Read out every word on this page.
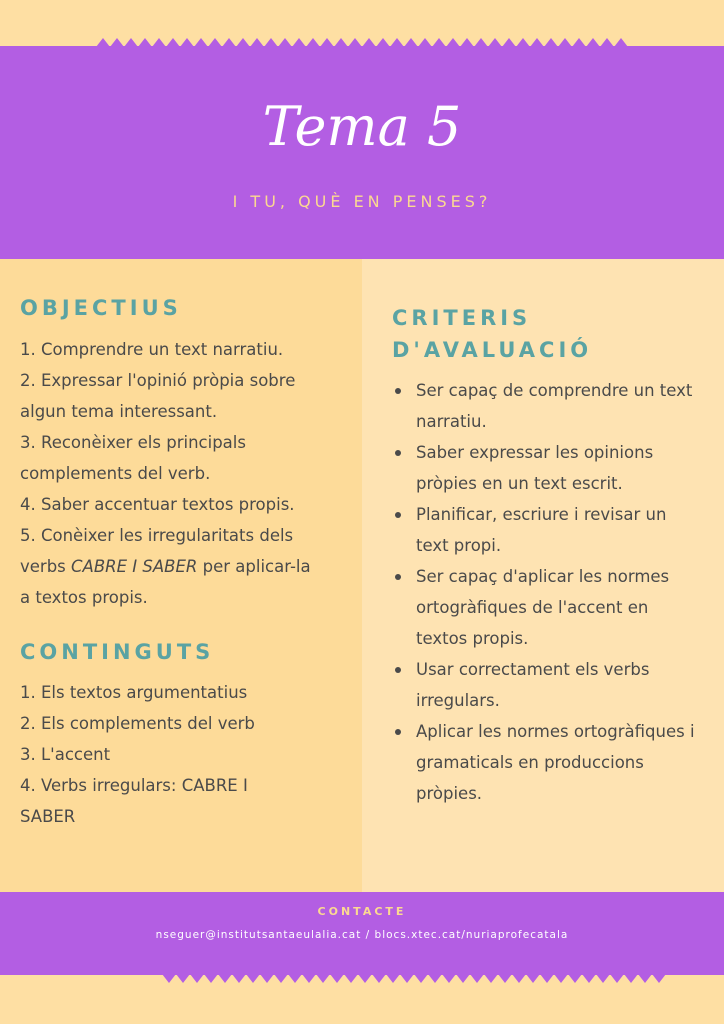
Tema 5
I TU, QUÈ EN PENSES?
OBJECTIUS

1. Comprendre un text narratiu.

2. Expressar l'opinió pròpia sobre algun tema interessant.

3. Reconèixer els principals complements del verb.

4. Saber accentuar textos propis.

5. Conèixer les irregularitats dels verbs CABRE I SABER per aplicar-la a textos propis.

CONTINGUTS

1. Els textos argumentatius

2. Els complements del verb

3. L'accent

4. Verbs irregulars: CABRE I SABER

CRITERIS
D'AVALUACIÓ
Ser capaç de comprendre un text narratiu.
Saber expressar les opinions pròpies en un text escrit.
Planificar, escriure i revisar un text propi.
Ser capaç d'aplicar les normes ortogràfiques de l'accent en textos propis.
Usar correctament els verbs irregulars.
Aplicar les normes ortogràfiques i gramaticals en produccions pròpies.
CONTACTE
nseguer@institutsantaeulalia.cat / blocs.xtec.cat/nuriaprofecatala
